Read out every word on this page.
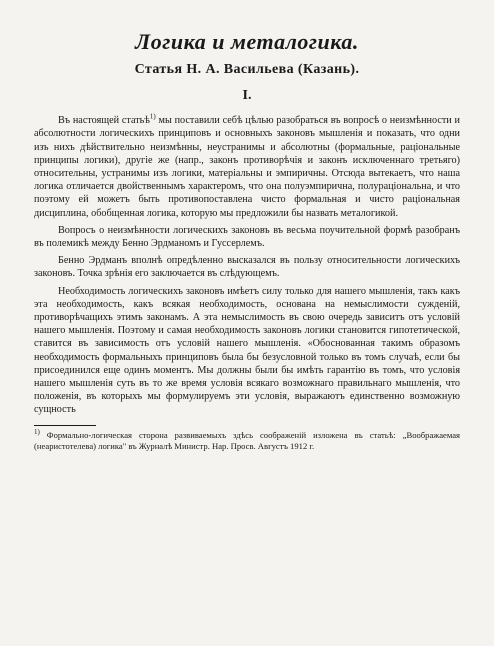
Логика и металогика.
Статья Н. А. Васильева (Казань).
I.

Въ настоящей статьѣ$^{1)}$ мы поставили себѣ цѣлью разобраться въ вопросѣ о неизмѣнности и абсолютности логическихъ принциповъ и основныхъ законовъ мышленія и показать, что одни изъ нихъ дѣйствительно неизмѣнны, неустранимы и абсолютны (формальные, раціональные принципы логики), другіе же (напр., законъ противорѣчія и законъ исключеннаго третьяго) относительны, устранимы изъ логики, матеріальны и эмпиричны. Отсюда вытекаетъ, что наша логика отличается двойственнымъ характеромъ, что она полуэмпирична, полураціональна, и что поэтому ей можетъ быть противопоставлена чисто формальная и чисто раціональная дисциплина, обобщенная логика, которую мы предложили бы назвать металогикой.

Вопросъ о неизмѣнности логическихъ законовъ въ весьма поучительной формѣ разобранъ въ полемикѣ между Бенно Эрдманомъ и Гуссерлемъ.

Бенно Эрдманъ вполнѣ опредѣленно высказался въ пользу относительности логическихъ законовъ. Точка зрѣнія его заключается въ слѣдующемъ.

Необходимость логическихъ законовъ имѣетъ силу только для нашего мышленія, такъ какъ эта необходимость, какъ всякая необходимость, основана на немыслимости сужденій, противорѣчащихъ этимъ законамъ. А эта немыслимость въ свою очередь зависитъ отъ условій нашего мышленія. Поэтому и самая необходимость законовъ логики становится гипотетической, ставится въ зависимость отъ условій нашего мышленія. «Обоснованная такимъ образомъ необходимость формальныхъ принциповъ была бы безусловной только въ томъ случаѣ, если бы присоединился еще одинъ моментъ. Мы должны были бы имѣть гарантію въ томъ, что условія нашего мышленія суть въ то же время условія всякаго возможнаго правильнаго мышленія, что положенія, въ которыхъ мы формулируемъ эти условія, выражаютъ единственно возможную сущность

$^{1)}$ Формально-логическая сторона развиваемыхъ здѣсь соображеній изложена въ статьѣ: „Воображаемая (неаристотелева) логика" въ Журналѣ Министр. Нар. Просв. Августъ 1912 г.
